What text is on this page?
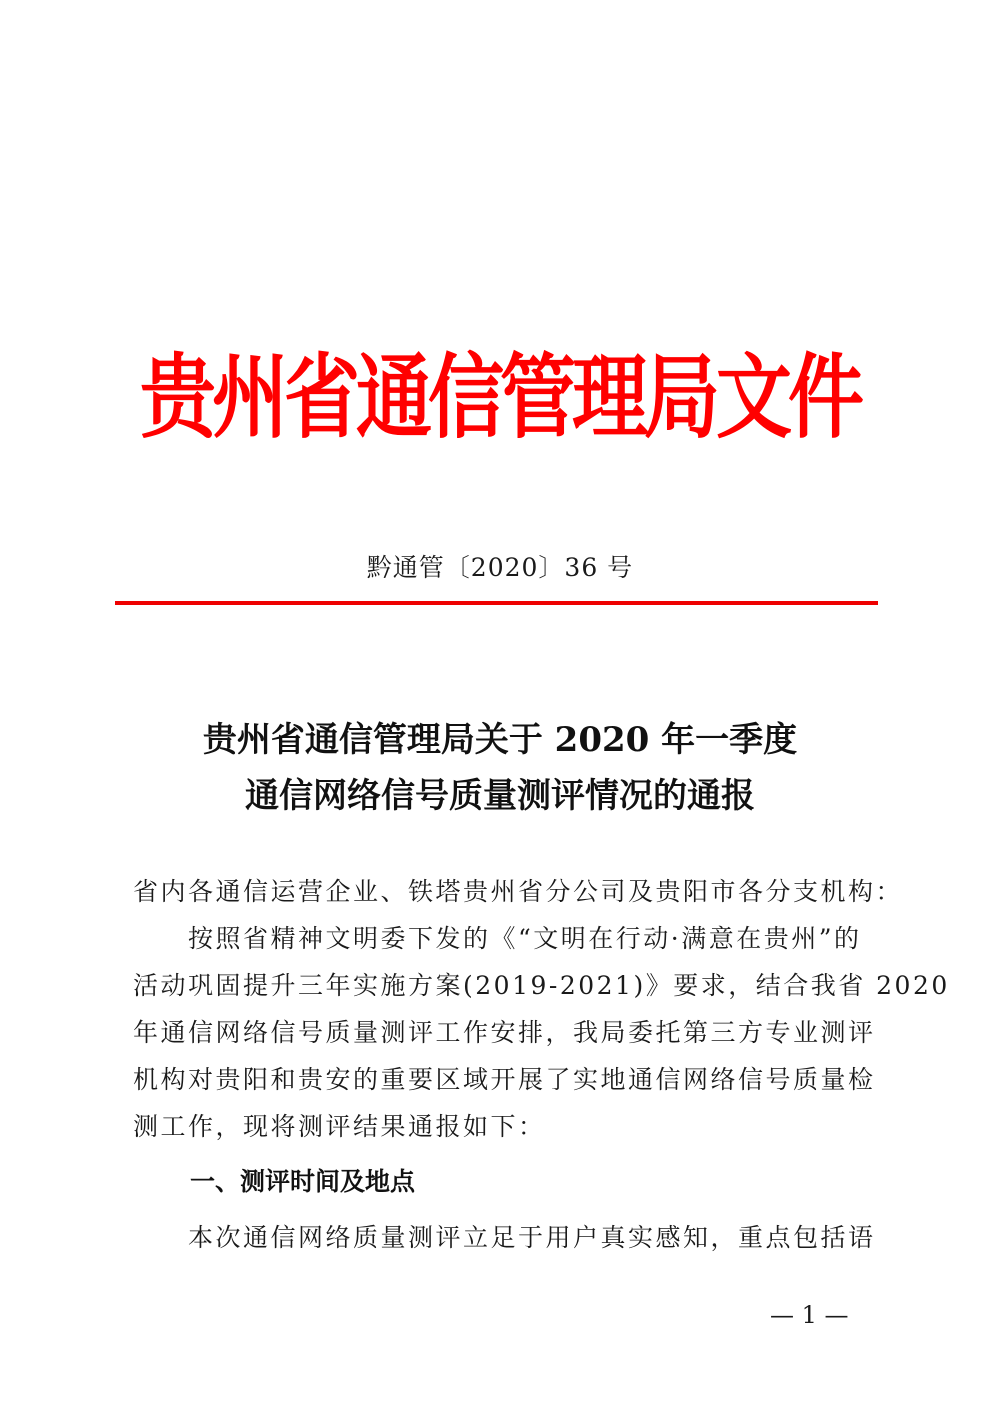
贵州省通信管理局文件
黔通管〔2020〕36 号
贵州省通信管理局关于 2020 年一季度
通信网络信号质量测评情况的通报
省内各通信运营企业、铁塔贵州省分公司及贵阳市各分支机构：
按照省精神文明委下发的《“文明在行动·满意在贵州”的
活动巩固提升三年实施方案(2019-2021)》要求，结合我省 2020
年通信网络信号质量测评工作安排，我局委托第三方专业测评
机构对贵阳和贵安的重要区域开展了实地通信网络信号质量检
测工作，现将测评结果通报如下：
一、测评时间及地点
本次通信网络质量测评立足于用户真实感知，重点包括语
— 1 —
